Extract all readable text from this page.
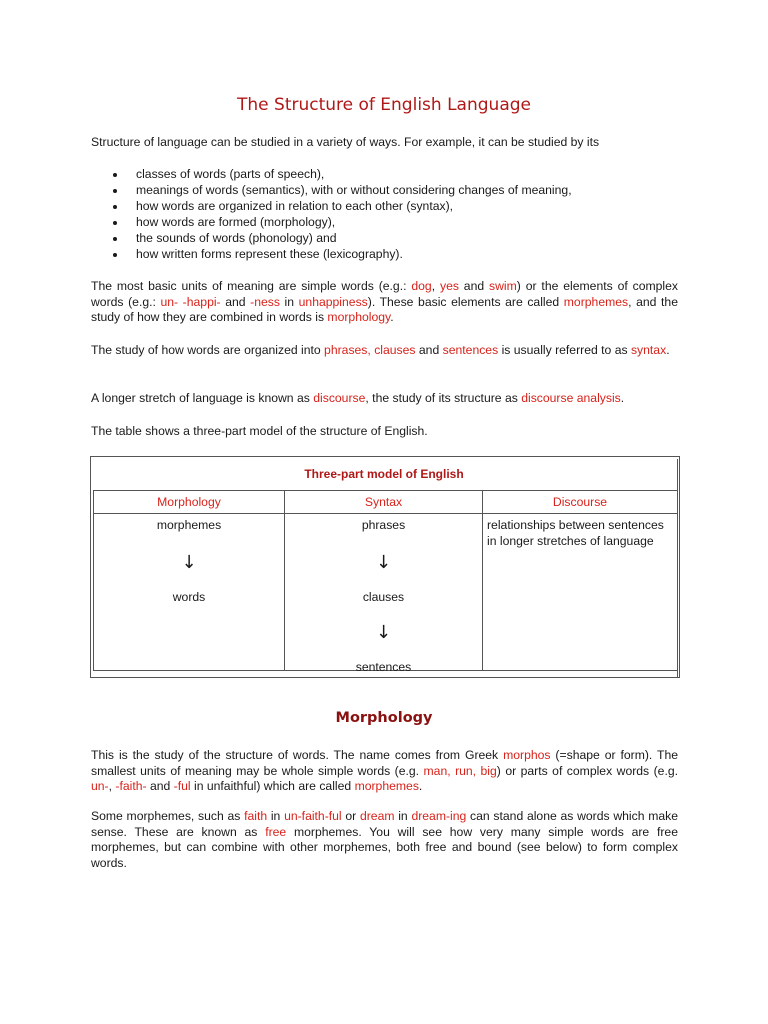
The Structure of English Language

Structure of language can be studied in a variety of ways. For example, it can be studied by its

classes of words (parts of speech),
meanings of words (semantics), with or without considering changes of meaning,
how words are organized in relation to each other (syntax),
how words are formed (morphology),
the sounds of words (phonology) and
how written forms represent these (lexicography).

The most basic units of meaning are simple words (e.g.: dog, yes and swim) or the elements of complex words (e.g.: un- -happi- and -ness in unhappiness). These basic elements are called morphemes, and the study of how they are combined in words is morphology.

The study of how words are organized into phrases, clauses and sentences is usually referred to as syntax.

A longer stretch of language is known as discourse, the study of its structure as discourse analysis.

The table shows a three-part model of the structure of English.

Three-part model of English
Morphology	Syntax	Discourse
morphemes
↓
words
phrases
↓
clauses
↓
sentences
relationships between sentences in longer stretches of language
Morphology

This is the study of the structure of words. The name comes from Greek morphos (=shape or form). The smallest units of meaning may be whole simple words (e.g. man, run, big) or parts of complex words (e.g. un-, -faith- and -ful in unfaithful) which are called morphemes.

Some morphemes, such as faith in un-faith-ful or dream in dream-ing can stand alone as words which make sense. These are known as free morphemes. You will see how very many simple words are free morphemes, but can combine with other morphemes, both free and bound (see below) to form complex words.
